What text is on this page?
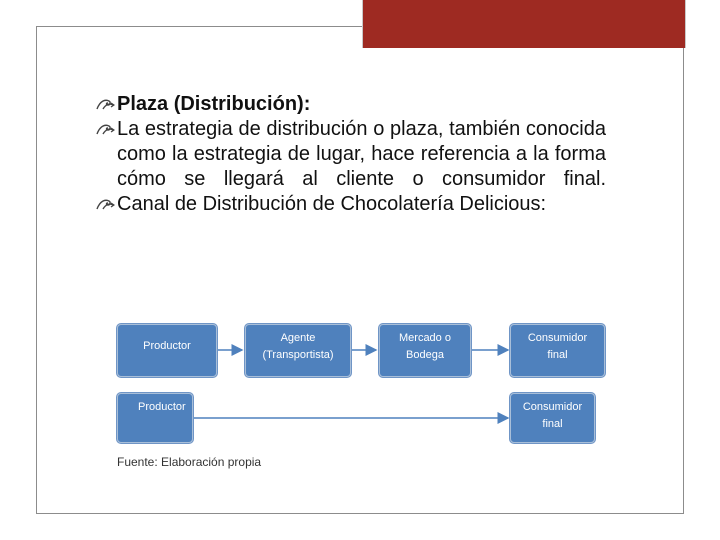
Plaza (Distribución):

La estrategia de distribución o plaza, también conocida como la estrategia de lugar, hace referencia a la forma cómo se llegará al cliente o consumidor final.

Canal de Distribución de Chocolatería Delicious:

Productor
Agente
(Transportista)
Mercado o
Bodega
Consumidor
final
Productor	Consumidor
final
Fuente: Elaboración propia
